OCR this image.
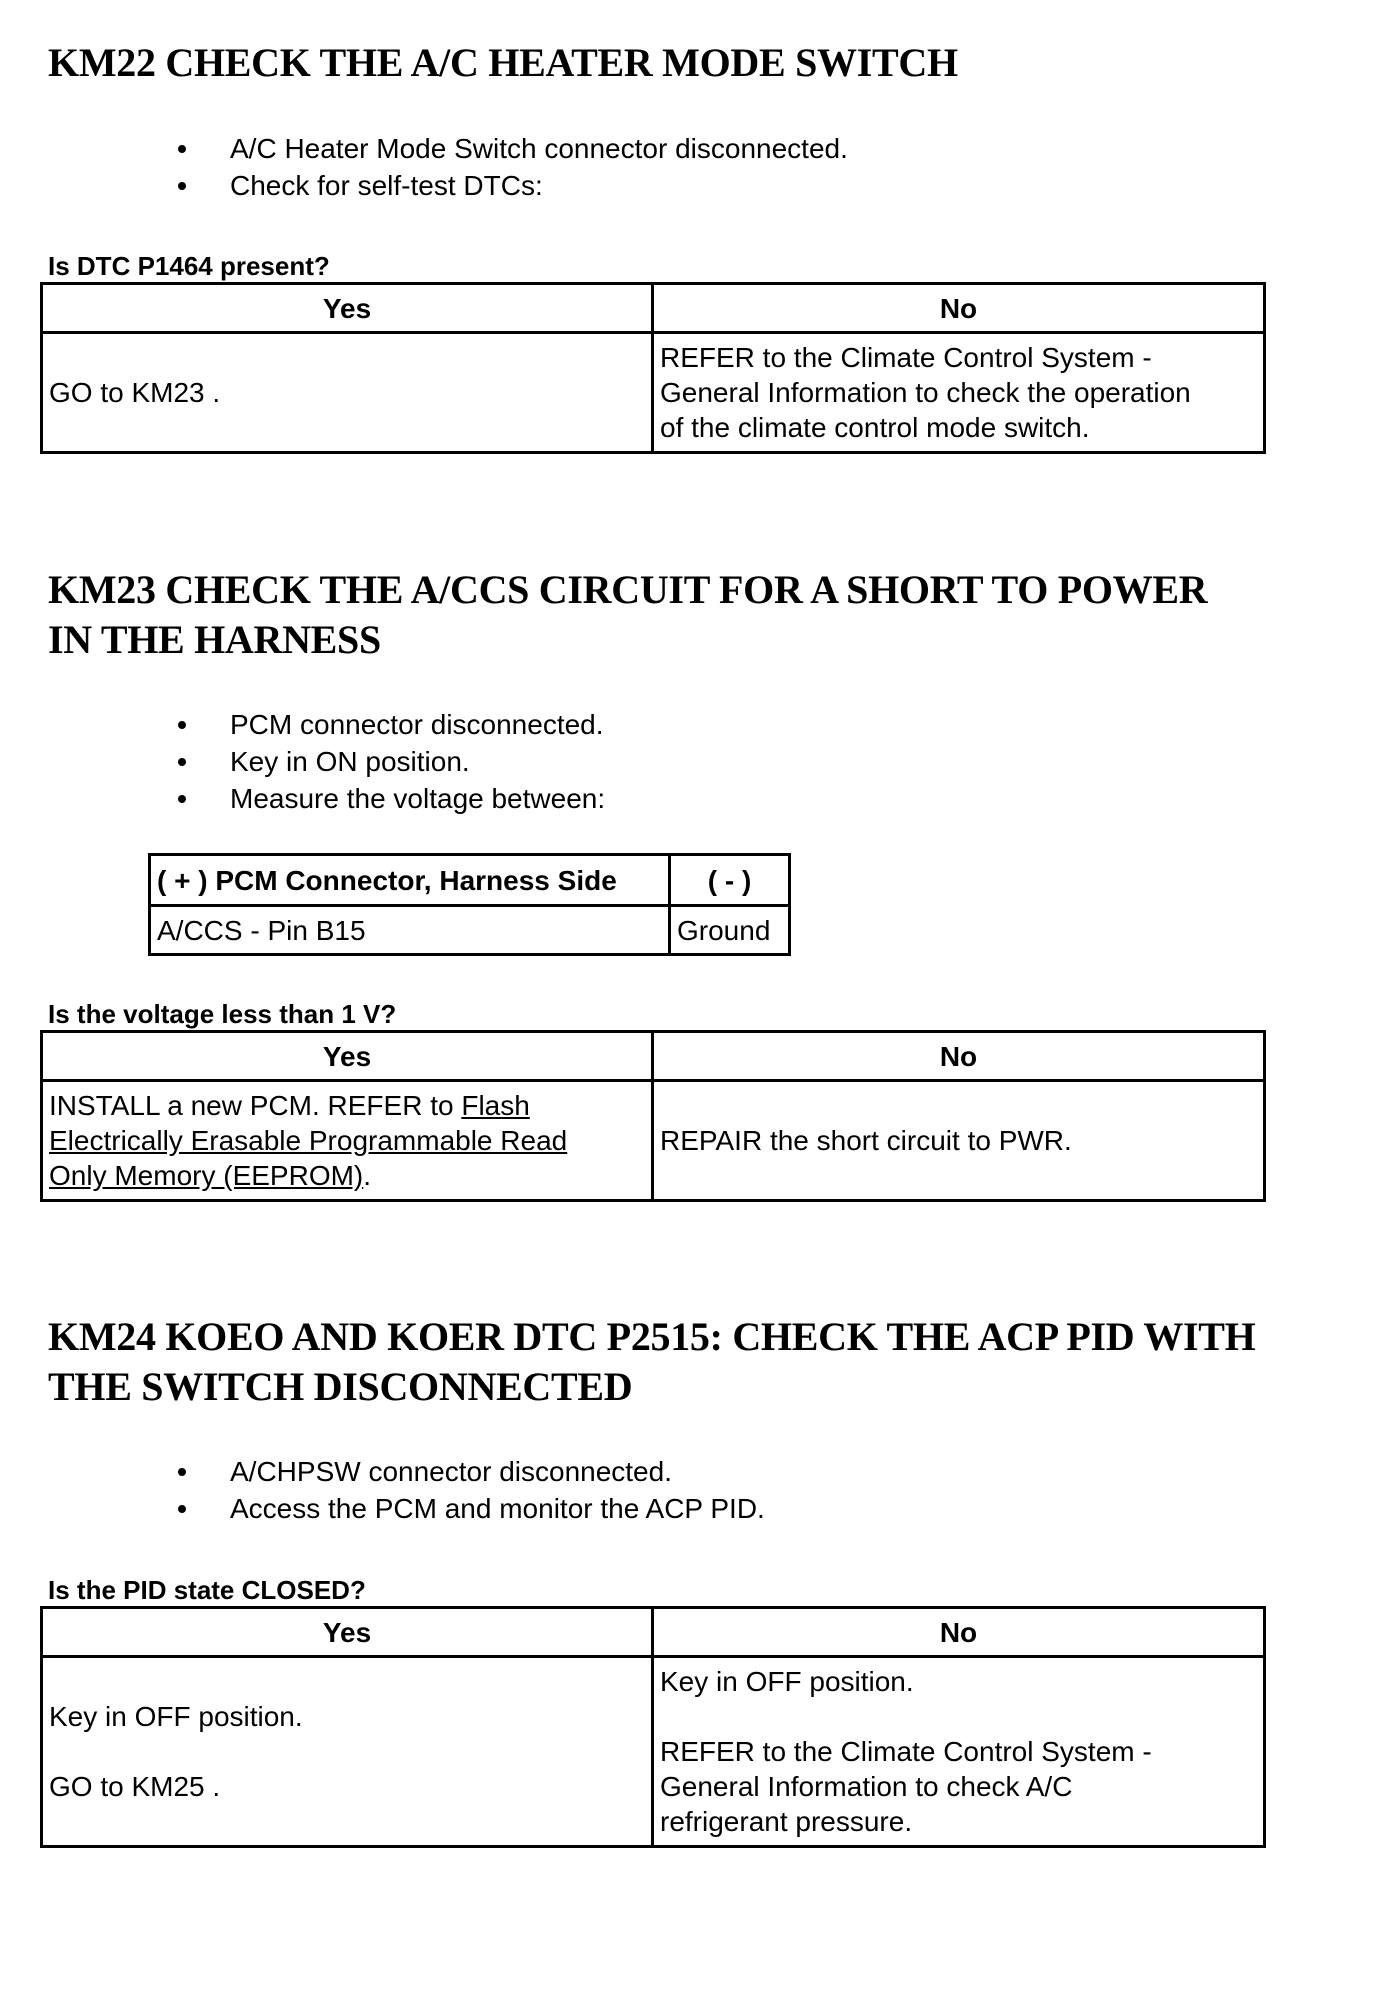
KM22 CHECK THE A/C HEATER MODE SWITCH
A/C Heater Mode Switch connector disconnected.
Check for self-test DTCs:

Is DTC P1464 present?

Yes	No
GO to KM23 .	REFER to the Climate Control System -
General Information to check the operation
of the climate control mode switch.
KM23 CHECK THE A/CCS CIRCUIT FOR A SHORT TO POWER
IN THE HARNESS
PCM connector disconnected.
Key in ON position.
Measure the voltage between:
( + ) PCM Connector, Harness Side	( - )
A/CCS - Pin B15	Ground

Is the voltage less than 1 V?

Yes	No
INSTALL a new PCM. REFER to Flash
Electrically Erasable Programmable Read
Only Memory (EEPROM).	REPAIR the short circuit to PWR.
KM24 KOEO AND KOER DTC P2515: CHECK THE ACP PID WITH
THE SWITCH DISCONNECTED
A/CHPSW connector disconnected.
Access the PCM and monitor the ACP PID.

Is the PID state CLOSED?

Yes	No
Key in OFF position.
GO to KM25 .	Key in OFF position.
REFER to the Climate Control System -
General Information to check A/C
refrigerant pressure.
